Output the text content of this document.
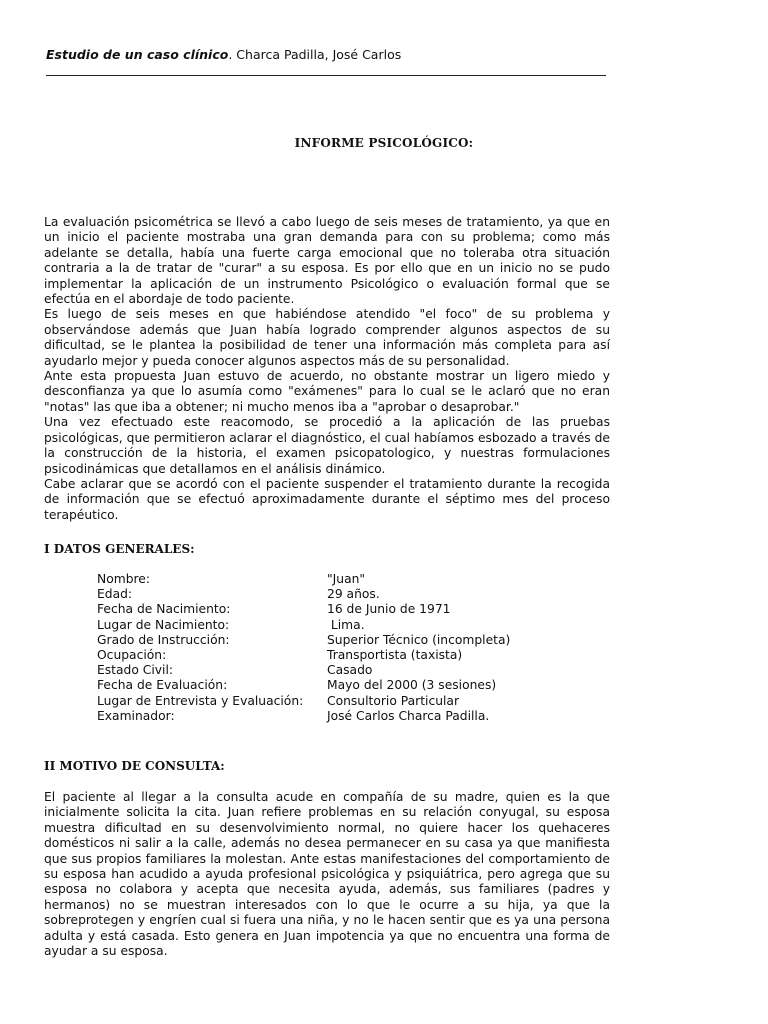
Estudio de un caso clínico. Charca Padilla, José Carlos
INFORME PSICOLÓGICO:

La evaluación psicométrica se llevó a cabo luego de seis meses de tratamiento, ya que en un inicio el paciente mostraba una gran demanda para con su problema; como más adelante se detalla, había una fuerte carga emocional que no toleraba otra situación contraria a la de tratar de "curar" a su esposa. Es por ello que en un inicio no se pudo implementar la aplicación de un instrumento Psicológico o evaluación formal que se efectúa en el abordaje de todo paciente.

Es luego de seis meses en que habiéndose atendido "el foco" de su problema y observándose además que Juan había logrado comprender algunos aspectos de su dificultad, se le plantea la posibilidad de tener una información más completa para así ayudarlo mejor y pueda conocer algunos aspectos más de su personalidad.

Ante esta propuesta Juan estuvo de acuerdo, no obstante mostrar un ligero miedo y desconfianza ya que lo asumía como "exámenes" para lo cual se le aclaró que no eran "notas" las que iba a obtener; ni mucho menos iba a "aprobar o desaprobar."

Una vez efectuado este reacomodo, se procedió a la aplicación de las pruebas psicológicas, que permitieron aclarar el diagnóstico, el cual habíamos esbozado a través de la construcción de la historia, el examen psicopatologico, y nuestras formulaciones psicodinámicas que detallamos en el análisis dinámico.

Cabe aclarar que se acordó con el paciente suspender el tratamiento durante la recogida de información que se efectuó aproximadamente durante el séptimo mes del proceso terapéutico.

I DATOS GENERALES:
Nombre:	"Juan"
Edad:	29 años.
Fecha de Nacimiento:	16 de Junio de 1971
Lugar de Nacimiento:	Lima.
Grado de Instrucción:	Superior Técnico (incompleta)
Ocupación:	Transportista (taxista)
Estado Civil:	Casado
Fecha de Evaluación:	Mayo del 2000 (3 sesiones)
Lugar de Entrevista y Evaluación:	Consultorio Particular
Examinador:	José Carlos Charca Padilla.
II MOTIVO DE CONSULTA:

El paciente al llegar a la consulta acude en compañía de su madre, quien es la que inicialmente solicita la cita. Juan refiere problemas en su relación conyugal, su esposa muestra dificultad en su desenvolvimiento normal, no quiere hacer los quehaceres domésticos ni salir a la calle, además no desea permanecer en su casa ya que manifiesta que sus propios familiares la molestan. Ante estas manifestaciones del comportamiento de su esposa han acudido a ayuda profesional psicológica y psiquiátrica, pero agrega que su esposa no colabora y acepta que necesita ayuda, además, sus familiares (padres y hermanos) no se muestran interesados con lo que le ocurre a su hija, ya que la sobreprotegen y engríen cual si fuera una niña, y no le hacen sentir que es ya una persona adulta y está casada. Esto genera en Juan impotencia ya que no encuentra una forma de ayudar a su esposa.
